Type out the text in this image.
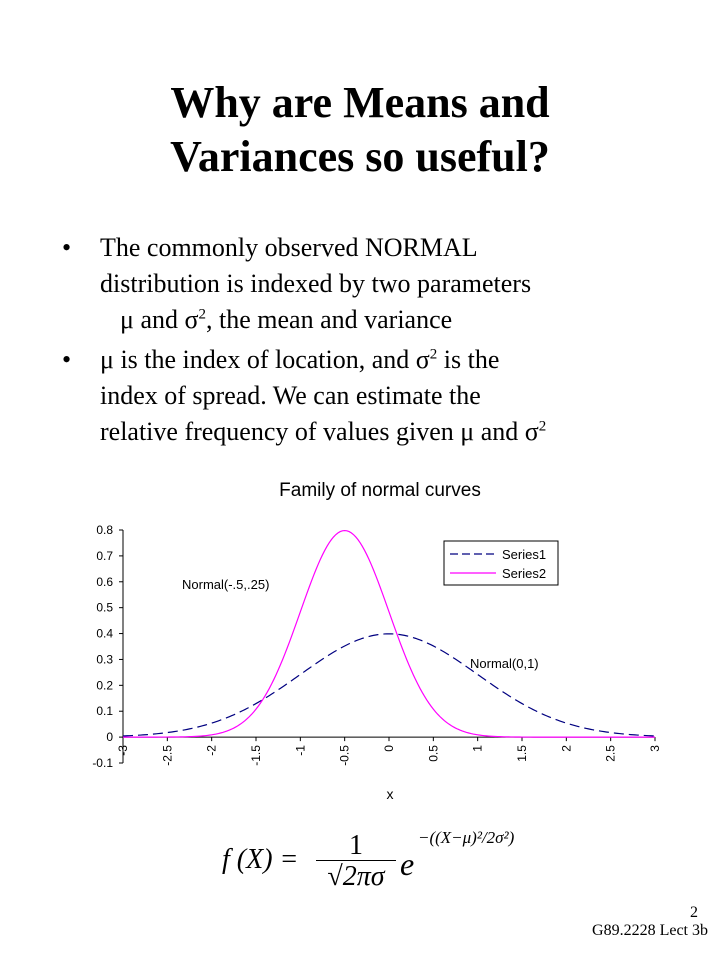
Why are Means and
Variances so useful?
• The commonly observed NORMAL
distribution is indexed by two parameters
μ and $\sigma^2$, the mean and variance
• μ is the index of location, and $\sigma^2$ is the
index of spread. We can estimate the
relative frequency of values given μ and $\sigma^2$
Family of normal curves
0.8
0.7
0.6
0.5
0.4
0.3
0.2
0.1
0
-0.1
-3	-2.5	-2	-1.5	-1	-0.5	0	0.5	1	1.5	2	2.5	3
x
Normal(-.5,.25)
Normal(0,1)
Series1
Series2
f $(X) = \frac{1}{√2\pi\sigma}$ e
−((X−μ)²/2σ²)
2
G89.2228 Lect 3b
